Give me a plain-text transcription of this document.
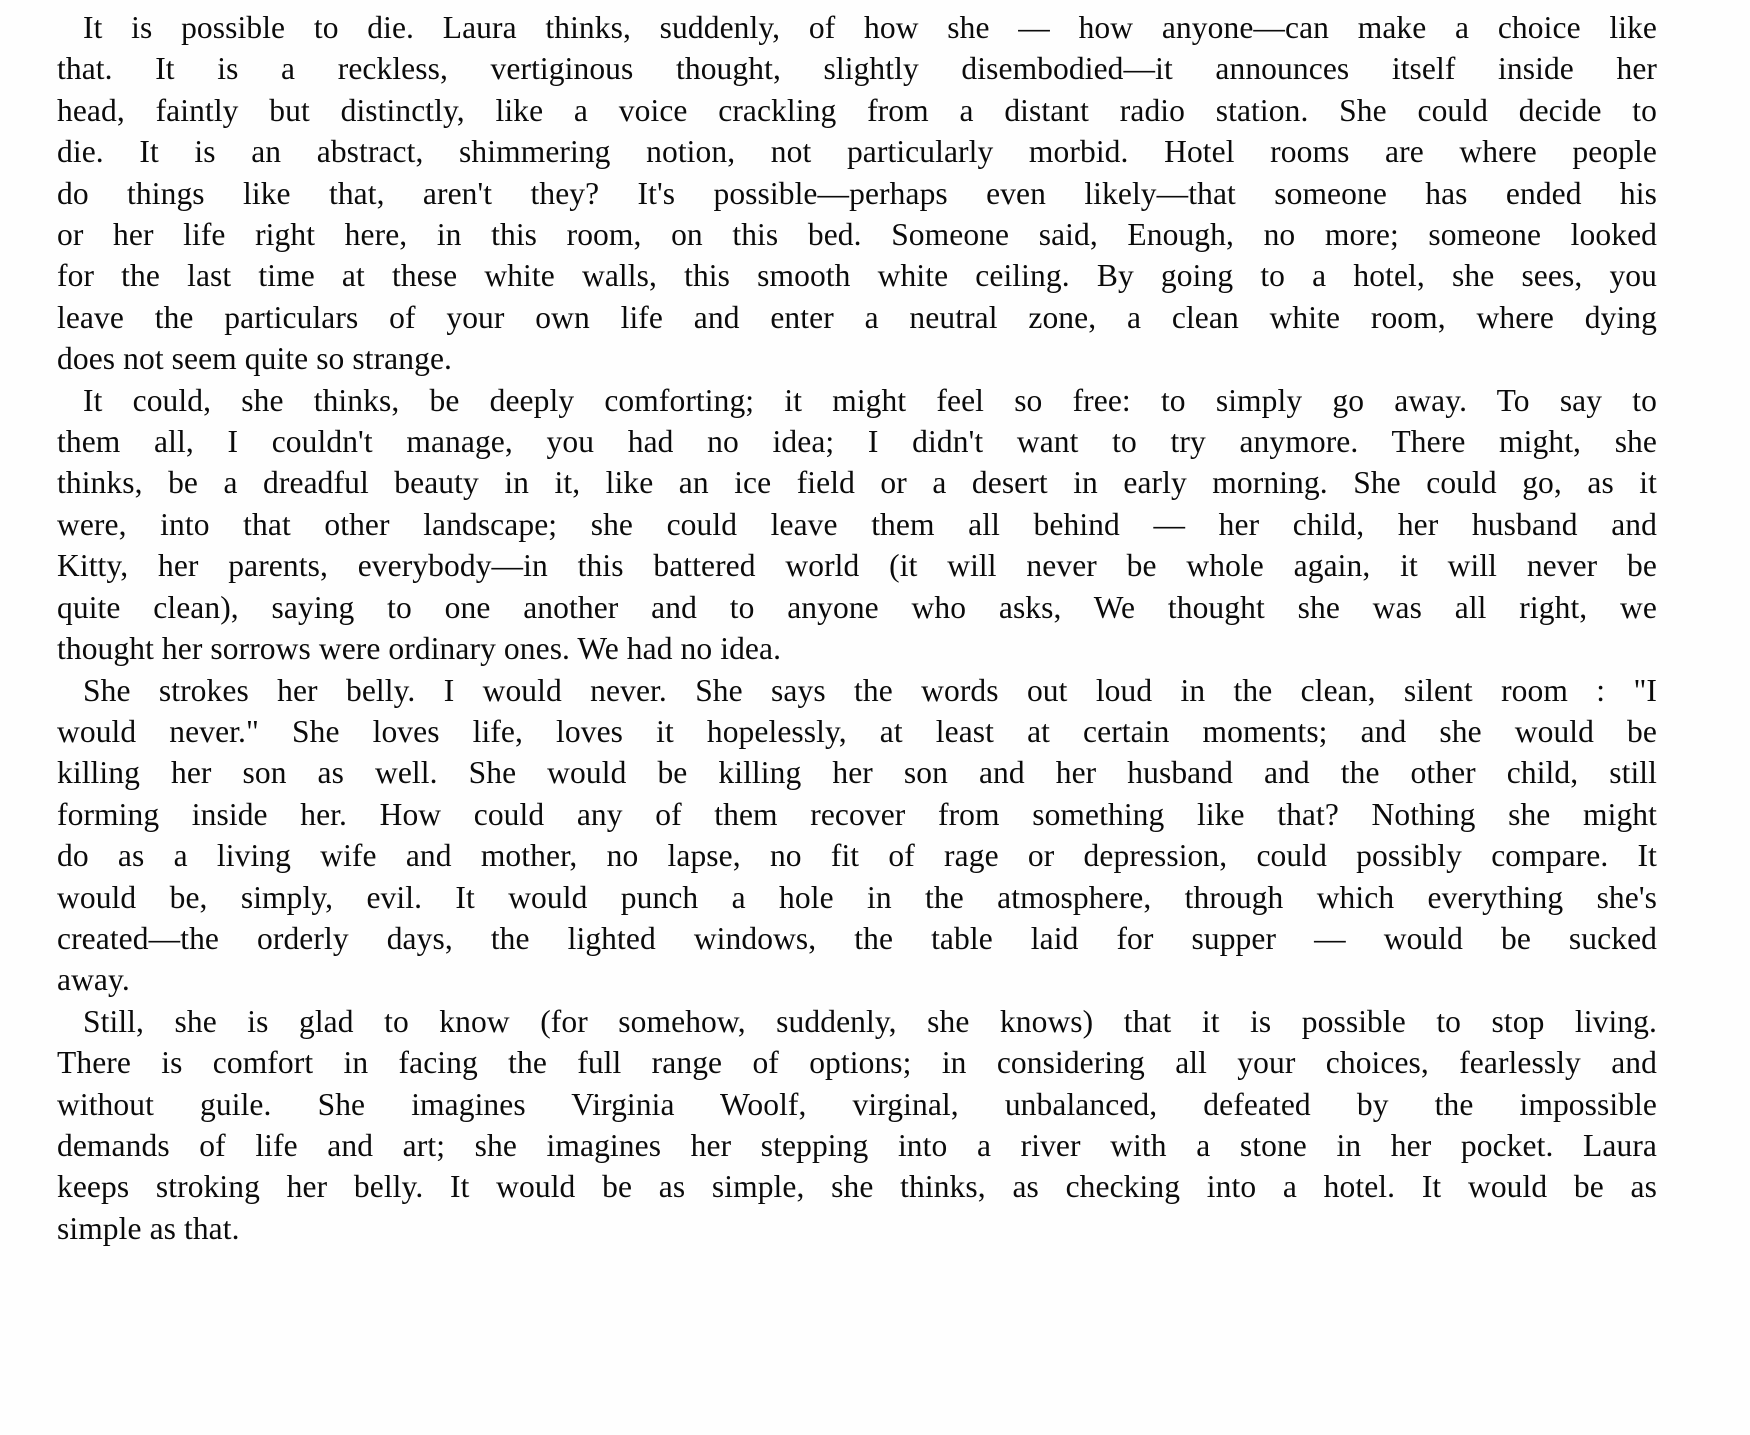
It is possible to die. Laura thinks, suddenly, of how she — how anyone—can make a choice like
that. It is a reckless, vertiginous thought, slightly disembodied—it announces itself inside her
head, faintly but distinctly, like a voice crackling from a distant radio station. She could decide to
die. It is an abstract, shimmering notion, not particularly morbid. Hotel rooms are where people
do things like that, aren't they? It's possible—perhaps even likely—that someone has ended his
or her life right here, in this room, on this bed. Someone said, Enough, no more; someone looked
for the last time at these white walls, this smooth white ceiling. By going to a hotel, she sees, you
leave the particulars of your own life and enter a neutral zone, a clean white room, where dying
does not seem quite so strange.
It could, she thinks, be deeply comforting; it might feel so free: to simply go away. To say to
them all, I couldn't manage, you had no idea; I didn't want to try anymore. There might, she
thinks, be a dreadful beauty in it, like an ice field or a desert in early morning. She could go, as it
were, into that other landscape; she could leave them all behind — her child, her husband and
Kitty, her parents, everybody—in this battered world (it will never be whole again, it will never be
quite clean), saying to one another and to anyone who asks, We thought she was all right, we
thought her sorrows were ordinary ones. We had no idea.
She strokes her belly. I would never. She says the words out loud in the clean, silent room : "I
would never." She loves life, loves it hopelessly, at least at certain moments; and she would be
killing her son as well. She would be killing her son and her husband and the other child, still
forming inside her. How could any of them recover from something like that? Nothing she might
do as a living wife and mother, no lapse, no fit of rage or depression, could possibly compare. It
would be, simply, evil. It would punch a hole in the atmosphere, through which everything she's
created—the orderly days, the lighted windows, the table laid for supper — would be sucked
away.
Still, she is glad to know (for somehow, suddenly, she knows) that it is possible to stop living.
There is comfort in facing the full range of options; in considering all your choices, fearlessly and
without guile. She imagines Virginia Woolf, virginal, unbalanced, defeated by the impossible
demands of life and art; she imagines her stepping into a river with a stone in her pocket. Laura
keeps stroking her belly. It would be as simple, she thinks, as checking into a hotel. It would be as
simple as that.
